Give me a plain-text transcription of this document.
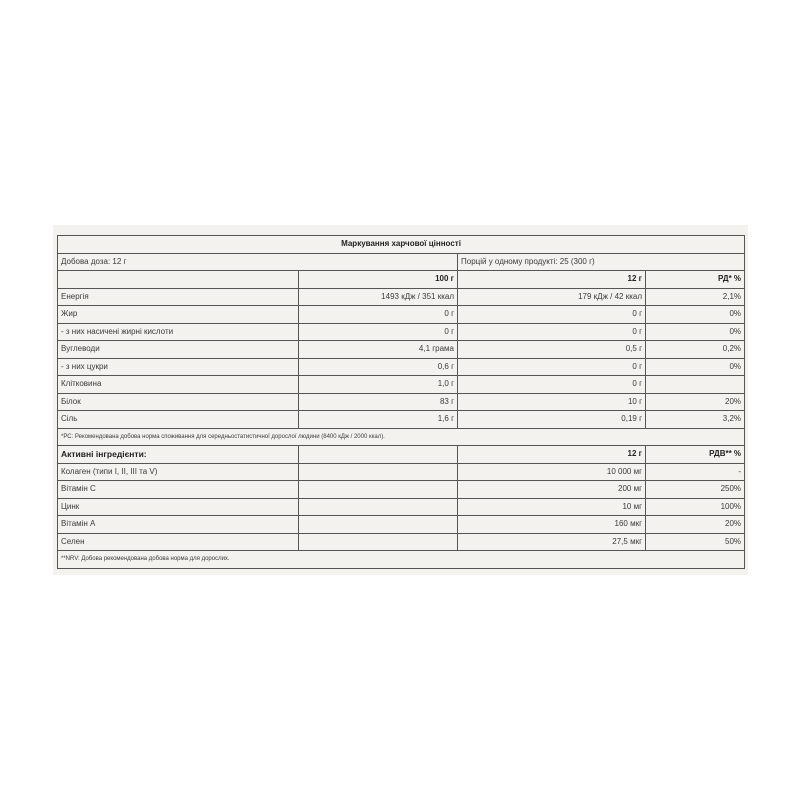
Маркування харчової цінності			
Добова доза: 12 г		Порцій у одному продукті: 25 (300 г)	
	100 г	12 г	РД* %
Енергія	1493 кДж / 351 ккал	179 кДж / 42 ккал	2,1%
Жир	0 г	0 г	0%
- з них насичені жирні кислоти	0 г	0 г	0%
Вуглеводи	4,1 грама	0,5 г	0,2%
- з них цукри	0,6 г	0 г	0%
Клітковина	1,0 г	0 г	
Білок	83 г	10 г	20%
Сіль	1,6 г	0,19 г	3,2%
*РС: Рекомендована добова норма споживання для середньостатистичної дорослої людини (8400 кДж / 2000 ккал).			
Активні інгредієнти:		12 г	РДВ** %
Колаген (типи I, II, III та V)		10 000 мг	-
Вітамін С		200 мг	250%
Цинк		10 мг	100%
Вітамін А		160 мкг	20%
Селен		27,5 мкг	50%
**NRV: Добова рекомендована добова норма для дорослих.			
